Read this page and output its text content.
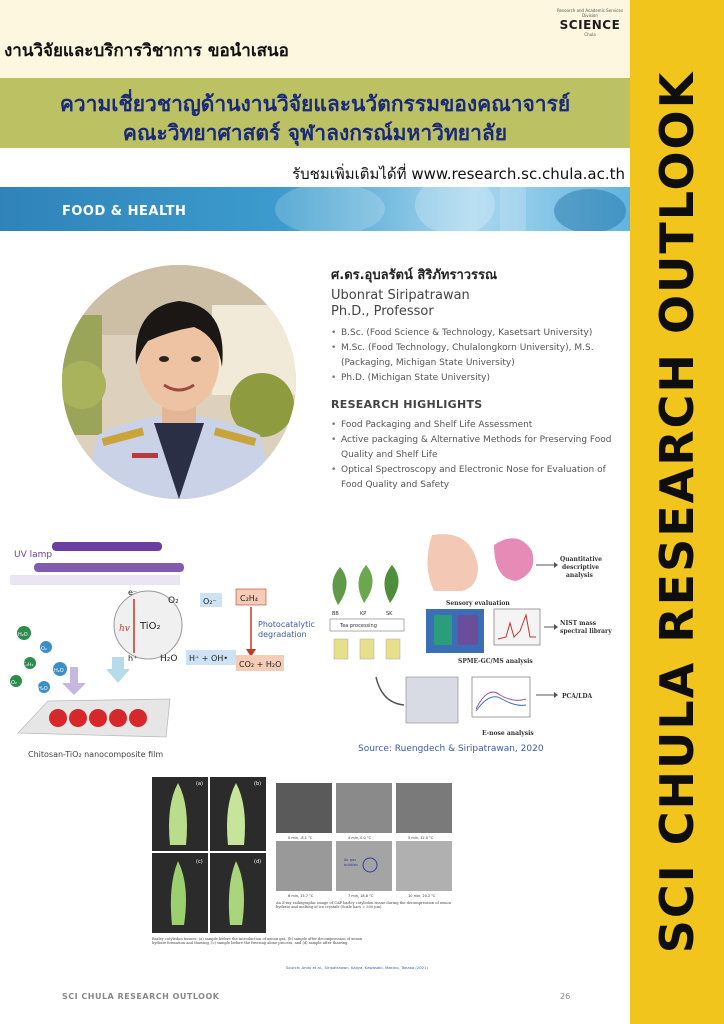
SCI CHULA RESEARCH OUTLOOK
Research and Academic Services Division
SCIENCE
Chula
งานวิจัยและบริการวิชาการ ขอนำเสนอ
ความเชี่ยวชาญด้านงานวิจัยและนวัตกรรมของคณาจารย์
คณะวิทยาศาสตร์ จุฬาลงกรณ์มหาวิทยาลัย
รับชมเพิ่มเติมได้ที่ www.research.sc.chula.ac.th
FOOD & HEALTH
ศ.ดร.อุบลรัตน์ สิริภัทราวรรณ
Ubonrat Siripatrawan
Ph.D., Professor
• B.Sc. (Food Science & Technology, Kasetsart University)
• M.Sc. (Food Technology, Chulalongkorn University), M.S. (Packaging, Michigan State University)
• Ph.D. (Michigan State University)
RESEARCH HIGHLIGHTS
• Food Packaging and Shelf Life Assessment
• Active packaging & Alternative Methods for Preserving Food Quality and Shelf Life
• Optical Spectroscopy and Electronic Nose for Evaluation of Food Quality and Safety
UV lamp
TiO₂
e⁻
h⁺
hv
O₂	O₂⁻
H₂O H⁺ + OH•
C₂H₄
Photocatalytic
degradation
CO₂ + H₂O
H₂O
O₂
C₂H₄
H₂O
O₂
H₂O
Chitosan-TiO₂ nanocomposite film
BB	KP	SK
Tea processing
Sensory evaluation
Quantitative
descriptive
analysis
NIST mass
spectral library
SPME-GC/MS analysis
PCA/LDA
E-nose analysis
Source: Ruengdech & Siripatrawan, 2020
(a)	(b)
(c)	(d)	Air gas
bubbles
0 min, -8.1 °C	4 min, 0.0 °C	5 min, 12.0 °C
6 min, 15.7 °C	7 min, 18.8 °C	10 min, 20.2 °C
An X-ray radiographic image of CAP barley cotyledon tissue during the decompression of xenon hydrate and melting of ice crystals (Scale bars = 300 μm).
Barley cotyledon tissues: (a) sample before the introduction of xenon gas, (b) sample after decompression of xenon hydrate formation and thawing, (c) sample before the freezing alone process, and (d) sample after thawing.
Source: Ando et al., Siripatrawan, Kajiya, Kawasaki, Makino, Tanaka (2021)
SCI CHULA RESEARCH OUTLOOK	26
